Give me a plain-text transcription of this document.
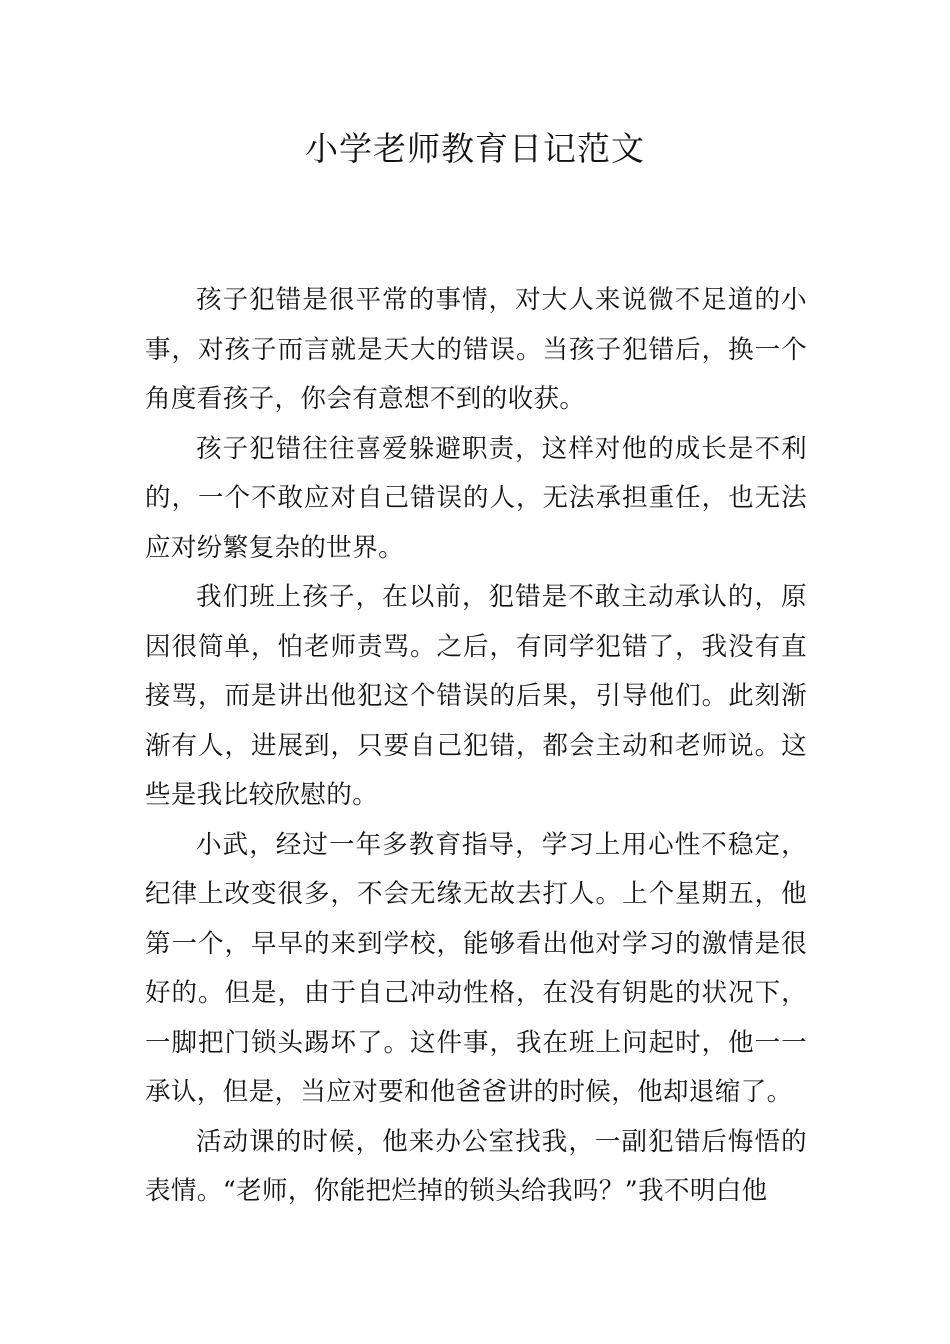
小学老师教育日记范文

孩子犯错是很平常的事情，对大人来说微不足道的小事，对孩子而言就是天大的错误。当孩子犯错后，换一个角度看孩子，你会有意想不到的收获。

孩子犯错往往喜爱躲避职责，这样对他的成长是不利的，一个不敢应对自己错误的人，无法承担重任，也无法应对纷繁复杂的世界。

我们班上孩子，在以前，犯错是不敢主动承认的，原因很简单，怕老师责骂。之后，有同学犯错了，我没有直接骂，而是讲出他犯这个错误的后果，引导他们。此刻渐渐有人，进展到，只要自己犯错，都会主动和老师说。这些是我比较欣慰的。

小武，经过一年多教育指导，学习上用心性不稳定，纪律上改变很多，不会无缘无故去打人。上个星期五，他第一个，早早的来到学校，能够看出他对学习的激情是很好的。但是，由于自己冲动性格，在没有钥匙的状况下，一脚把门锁头踢坏了。这件事，我在班上问起时，他一一承认，但是，当应对要和他爸爸讲的时候，他却退缩了。

活动课的时候，他来办公室找我，一副犯错后悔悟的表情。“老师，你能把烂掉的锁头给我吗？”我不明白他
